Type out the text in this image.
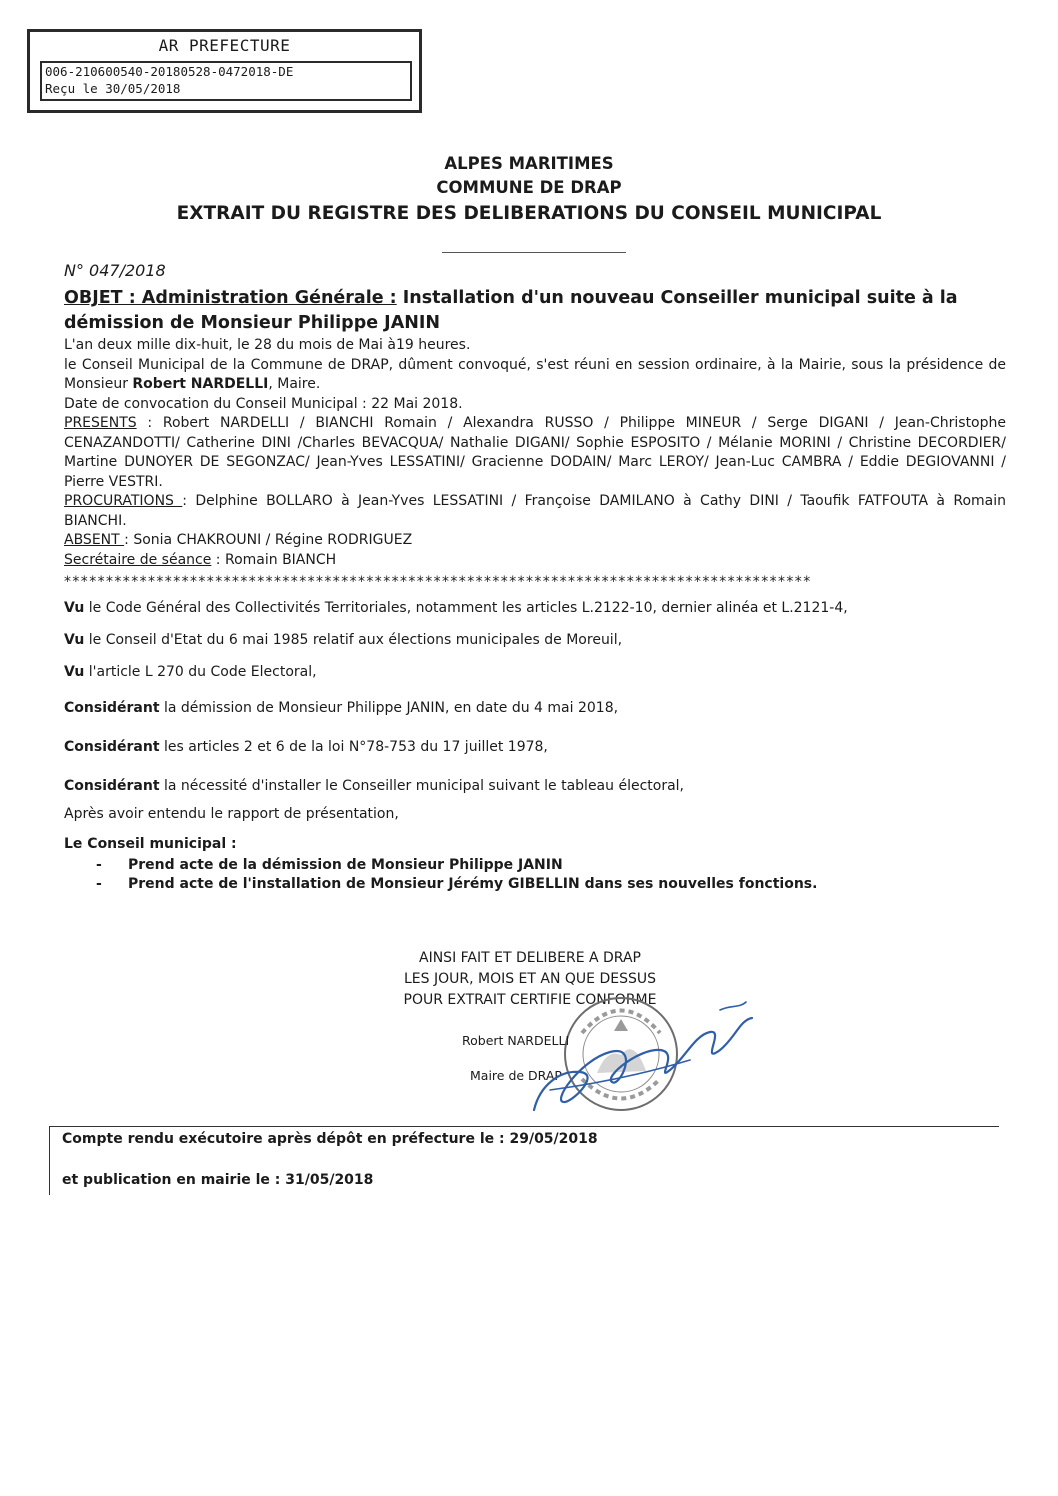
AR PREFECTURE
006-210600540-20180528-0472018-DE
Reçu le 30/05/2018
ALPES MARITIMES
COMMUNE DE DRAP
EXTRAIT DU REGISTRE DES DELIBERATIONS DU CONSEIL MUNICIPAL
N° 047/2018
OBJET : Administration Générale : Installation d'un nouveau Conseiller municipal suite à la démission de Monsieur Philippe JANIN

L'an deux mille dix-huit, le 28 du mois de Mai à19 heures.

le Conseil Municipal de la Commune de DRAP, dûment convoqué, s'est réuni en session ordinaire, à la Mairie, sous la présidence de Monsieur Robert NARDELLI, Maire.

Date de convocation du Conseil Municipal : 22 Mai 2018.

PRESENTS : Robert NARDELLI / BIANCHI Romain / Alexandra RUSSO / Philippe MINEUR / Serge DIGANI / Jean-Christophe CENAZANDOTTI/ Catherine DINI /Charles BEVACQUA/ Nathalie DIGANI/ Sophie ESPOSITO / Mélanie MORINI / Christine DECORDIER/ Martine DUNOYER DE SEGONZAC/ Jean-Yves LESSATINI/ Gracienne DODAIN/ Marc LEROY/ Jean-Luc CAMBRA / Eddie DEGIOVANNI / Pierre VESTRI.

PROCURATIONS : Delphine BOLLARO à Jean-Yves LESSATINI / Françoise DAMILANO à Cathy DINI / Taoufik FATFOUTA à Romain BIANCHI.

ABSENT : Sonia CHAKROUNI / Régine RODRIGUEZ

Secrétaire de séance : Romain BIANCH

*****************************************************************************************
Vu le Code Général des Collectivités Territoriales, notamment les articles L.2122-10, dernier alinéa et L.2121-4,
Vu le Conseil d'Etat du 6 mai 1985 relatif aux élections municipales de Moreuil,
Vu l'article L 270 du Code Electoral,
Considérant la démission de Monsieur Philippe JANIN, en date du 4 mai 2018,
Considérant les articles 2 et 6 de la loi N°78-753 du 17 juillet 1978,
Considérant la nécessité d'installer le Conseiller municipal suivant le tableau électoral,
Après avoir entendu le rapport de présentation,
Le Conseil municipal :
- Prend acte de la démission de Monsieur Philippe JANIN
- Prend acte de l'installation de Monsieur Jérémy GIBELLIN dans ses nouvelles fonctions.
AINSI FAIT ET DELIBERE A DRAP
LES JOUR, MOIS ET AN QUE DESSUS
POUR EXTRAIT CERTIFIE CONFORME
Robert NARDELLI
Maire de DRAP
Compte rendu exécutoire après dépôt en préfecture le : 29/05/2018
et publication en mairie le : 31/05/2018
